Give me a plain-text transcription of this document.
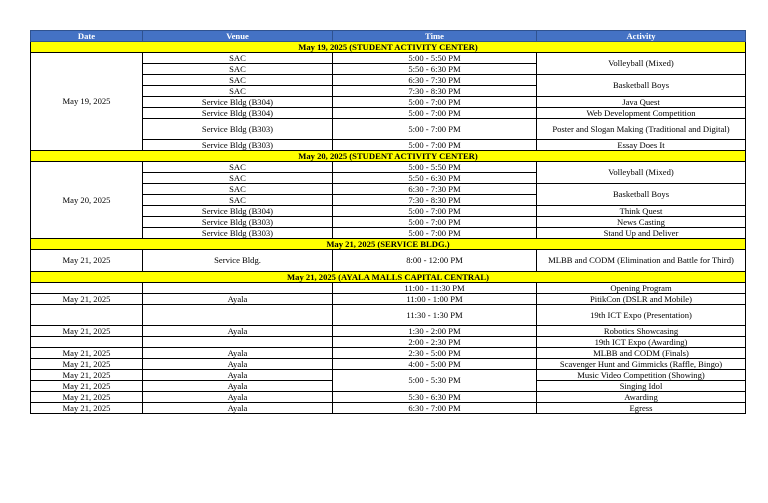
Date	Venue	Time	Activity
May 19, 2025 (STUDENT ACTIVITY CENTER)			
May 19, 2025	SAC	5:00 - 5:50 PM	Volleyball (Mixed)
	SAC	5:50 - 6:30 PM	
	SAC	6:30 - 7:30 PM	Basketball Boys
	SAC	7:30 - 8:30 PM	
	Service Bldg (B304)	5:00 - 7:00 PM	Java Quest
	Service Bldg (B304)	5:00 - 7:00 PM	Web Development Competition
	Service Bldg (B303)	5:00 - 7:00 PM	Poster and Slogan Making (Traditional and Digital)
	Service Bldg (B303)	5:00 - 7:00 PM	Essay Does It
May 20, 2025 (STUDENT ACTIVITY CENTER)			
May 20, 2025	SAC	5:00 - 5:50 PM	Volleyball (Mixed)
	SAC	5:50 - 6:30 PM	
	SAC	6:30 - 7:30 PM	Basketball Boys
	SAC	7:30 - 8:30 PM	
	Service Bldg (B304)	5:00 - 7:00 PM	Think Quest
	Service Bldg (B303)	5:00 - 7:00 PM	News Casting
	Service Bldg (B303)	5:00 - 7:00 PM	Stand Up and Deliver
May 21, 2025 (SERVICE BLDG.)			
May 21, 2025	Service Bldg.	8:00 - 12:00 PM	MLBB and CODM (Elimination and Battle for Third)
May 21, 2025 (AYALA MALLS CAPITAL CENTRAL)			
		11:00 - 11:30 PM	Opening Program
May 21, 2025	Ayala	11:00 - 1:00 PM	PitikCon (DSLR and Mobile)
		11:30 - 1:30 PM	19th ICT Expo (Presentation)
May 21, 2025	Ayala	1:30 - 2:00 PM	Robotics Showcasing
		2:00 - 2:30 PM	19th ICT Expo (Awarding)
May 21, 2025	Ayala	2:30 - 5:00 PM	MLBB and CODM (Finals)
May 21, 2025	Ayala	4:00 - 5:00 PM	Scavenger Hunt and Gimmicks (Raffle, Bingo)
May 21, 2025	Ayala	5:00 - 5:30 PM	Music Video Competition (Showing)
May 21, 2025	Ayala		Singing Idol
May 21, 2025	Ayala	5:30 - 6:30 PM	Awarding
May 21, 2025	Ayala	6:30 - 7:00 PM	Egress
